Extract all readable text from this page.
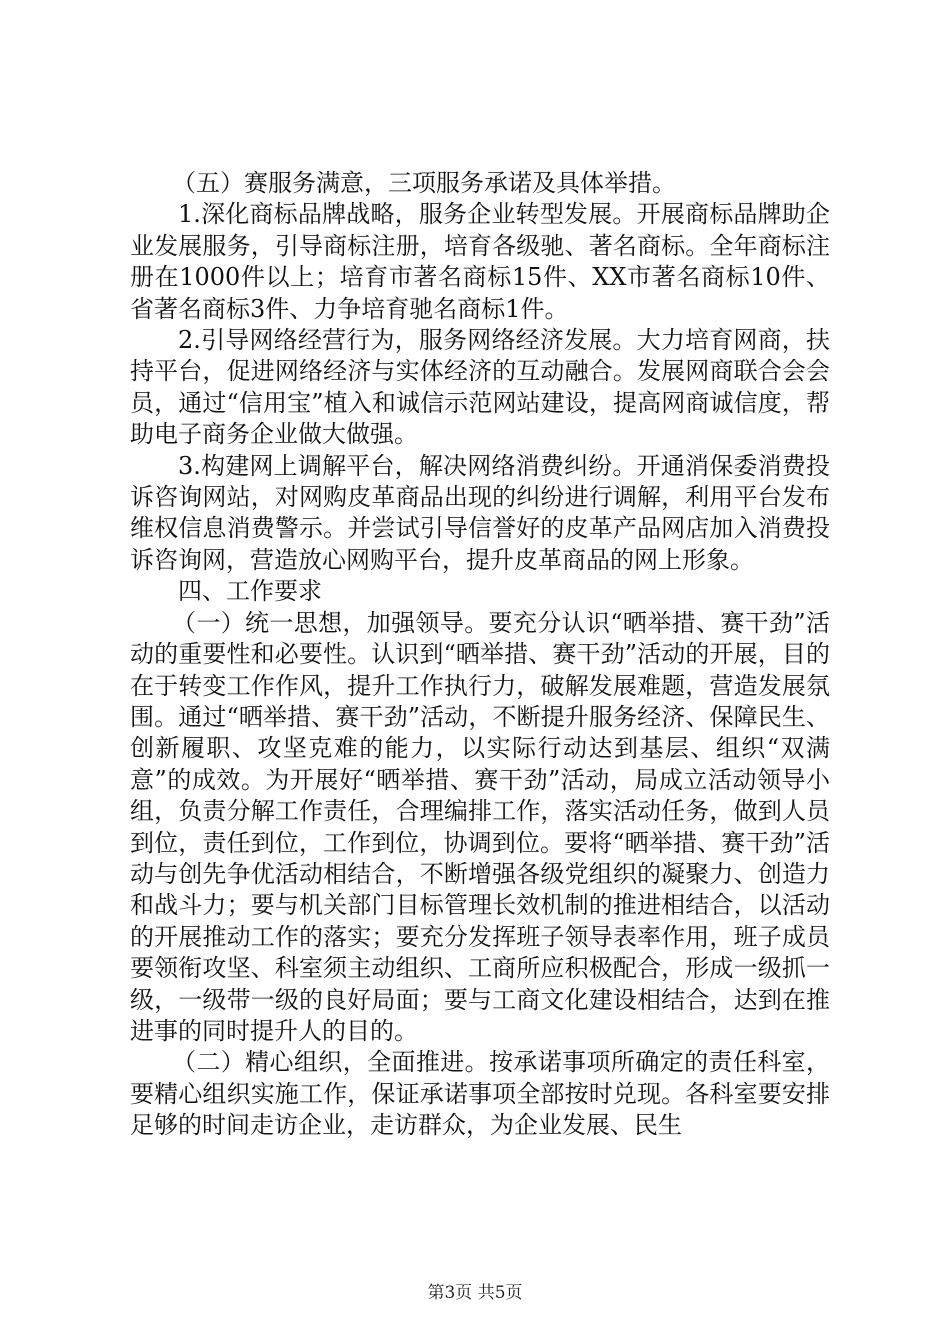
（五）赛服务满意，三项服务承诺及具体举措。

1.深化商标品牌战略，服务企业转型发展。开展商标品牌助企业发展服务，引导商标注册，培育各级驰、著名商标。全年商标注册在1000件以上；培育市著名商标15件、XX市著名商标10件、省著名商标3件、力争培育驰名商标1件。

2.引导网络经营行为，服务网络经济发展。大力培育网商，扶持平台，促进网络经济与实体经济的互动融合。发展网商联合会会员，通过“信用宝”植入和诚信示范网站建设，提高网商诚信度，帮助电子商务企业做大做强。

3.构建网上调解平台，解决网络消费纠纷。开通消保委消费投诉咨询网站，对网购皮革商品出现的纠纷进行调解，利用平台发布维权信息消费警示。并尝试引导信誉好的皮革产品网店加入消费投诉咨询网，营造放心网购平台，提升皮革商品的网上形象。

四、工作要求

（一）统一思想，加强领导。要充分认识“晒举措、赛干劲”活动的重要性和必要性。认识到“晒举措、赛干劲”活动的开展，目的在于转变工作作风，提升工作执行力，破解发展难题，营造发展氛围。通过“晒举措、赛干劲”活动，不断提升服务经济、保障民生、创新履职、攻坚克难的能力，以实际行动达到基层、组织“双满意”的成效。为开展好“晒举措、赛干劲”活动，局成立活动领导小组，负责分解工作责任，合理编排工作，落实活动任务，做到人员到位，责任到位，工作到位，协调到位。要将“晒举措、赛干劲”活动与创先争优活动相结合，不断增强各级党组织的凝聚力、创造力和战斗力；要与机关部门目标管理长效机制的推进相结合，以活动的开展推动工作的落实；要充分发挥班子领导表率作用，班子成员要领衔攻坚、科室须主动组织、工商所应积极配合，形成一级抓一级，一级带一级的良好局面；要与工商文化建设相结合，达到在推进事的同时提升人的目的。

（二）精心组织，全面推进。按承诺事项所确定的责任科室，要精心组织实施工作，保证承诺事项全部按时兑现。各科室要安排足够的时间走访企业，走访群众，为企业发展、民生

第3页 共5页
